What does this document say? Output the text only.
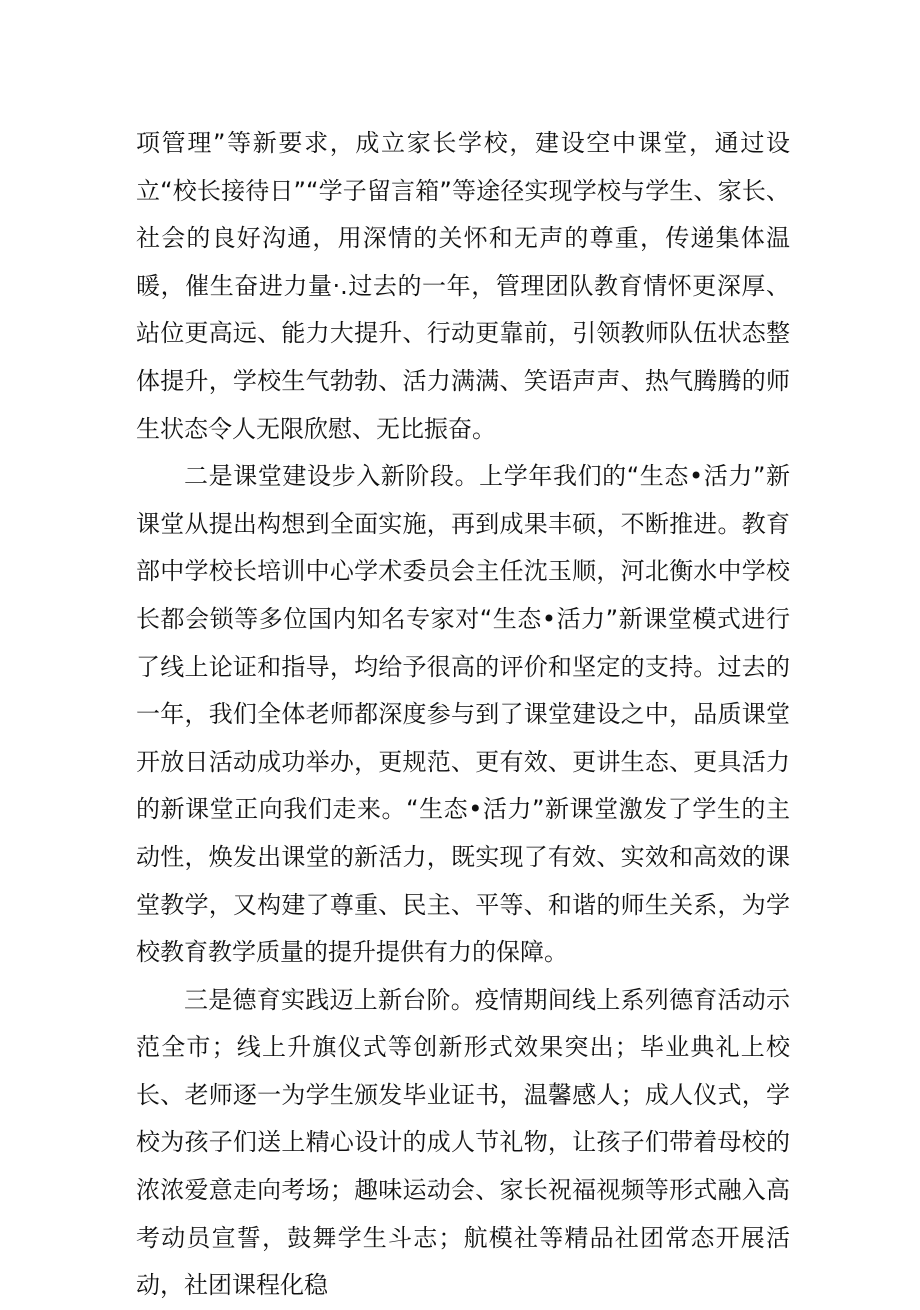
项管理”等新要求，成立家长学校，建设空中课堂，通过设立“校长接待日”“学子留言箱”等途径实现学校与学生、家长、社会的良好沟通，用深情的关怀和无声的尊重，传递集体温暖，催生奋进力量·.过去的一年，管理团队教育情怀更深厚、站位更高远、能力大提升、行动更靠前，引领教师队伍状态整体提升，学校生气勃勃、活力满满、笑语声声、热气腾腾的师生状态令人无限欣慰、无比振奋。

二是课堂建设步入新阶段。上学年我们的“生态•活力”新课堂从提出构想到全面实施，再到成果丰硕，不断推进。教育部中学校长培训中心学术委员会主任沈玉顺，河北衡水中学校长都会锁等多位国内知名专家对“生态•活力”新课堂模式进行了线上论证和指导，均给予很高的评价和坚定的支持。过去的一年，我们全体老师都深度参与到了课堂建设之中，品质课堂开放日活动成功举办，更规范、更有效、更讲生态、更具活力的新课堂正向我们走来。“生态•活力”新课堂激发了学生的主动性，焕发出课堂的新活力，既实现了有效、实效和高效的课堂教学，又构建了尊重、民主、平等、和谐的师生关系，为学校教育教学质量的提升提供有力的保障。

三是德育实践迈上新台阶。疫情期间线上系列德育活动示范全市；线上升旗仪式等创新形式效果突出；毕业典礼上校长、老师逐一为学生颁发毕业证书，温馨感人；成人仪式，学校为孩子们送上精心设计的成人节礼物，让孩子们带着母校的浓浓爱意走向考场；趣味运动会、家长祝福视频等形式融入高考动员宣誓，鼓舞学生斗志；航模社等精品社团常态开展活动，社团课程化稳
